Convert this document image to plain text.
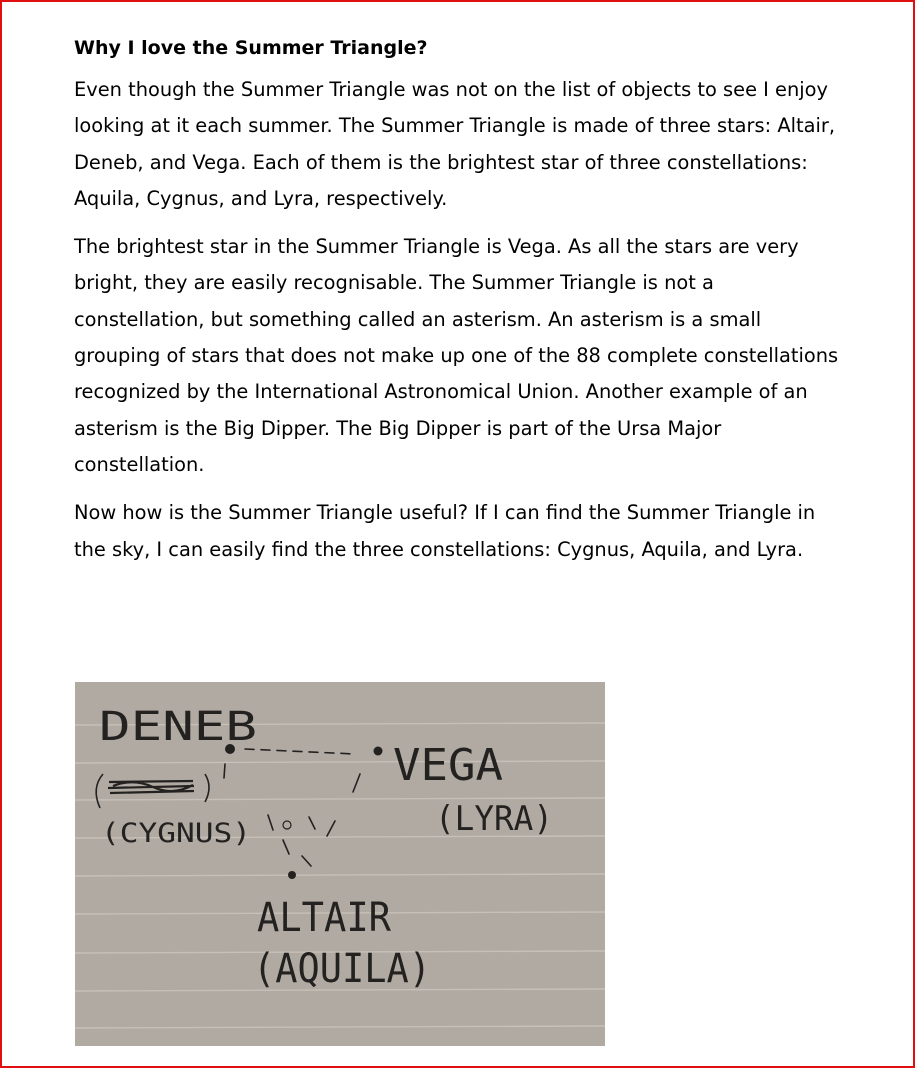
Why I love the Summer Triangle?

Even though the Summer Triangle was not on the list of objects to see I enjoy looking at it each summer. The Summer Triangle is made of three stars: Altair, Deneb, and Vega. Each of them is the brightest star of three constellations: Aquila, Cygnus, and Lyra, respectively.

The brightest star in the Summer Triangle is Vega. As all the stars are very bright, they are easily recognisable. The Summer Triangle is not a constellation, but something called an asterism. An asterism is a small grouping of stars that does not make up one of the 88 complete constellations recognized by the International Astronomical Union. Another example of an asterism is the Big Dipper. The Big Dipper is part of the Ursa Major constellation.

Now how is the Summer Triangle useful? If I can find the Summer Triangle in the sky, I can easily find the three constellations: Cygnus, Aquila, and Lyra.

DENEB
(CYGNUS)
VEGA
(LYRA)
ALTAIR
(AQUILA)
